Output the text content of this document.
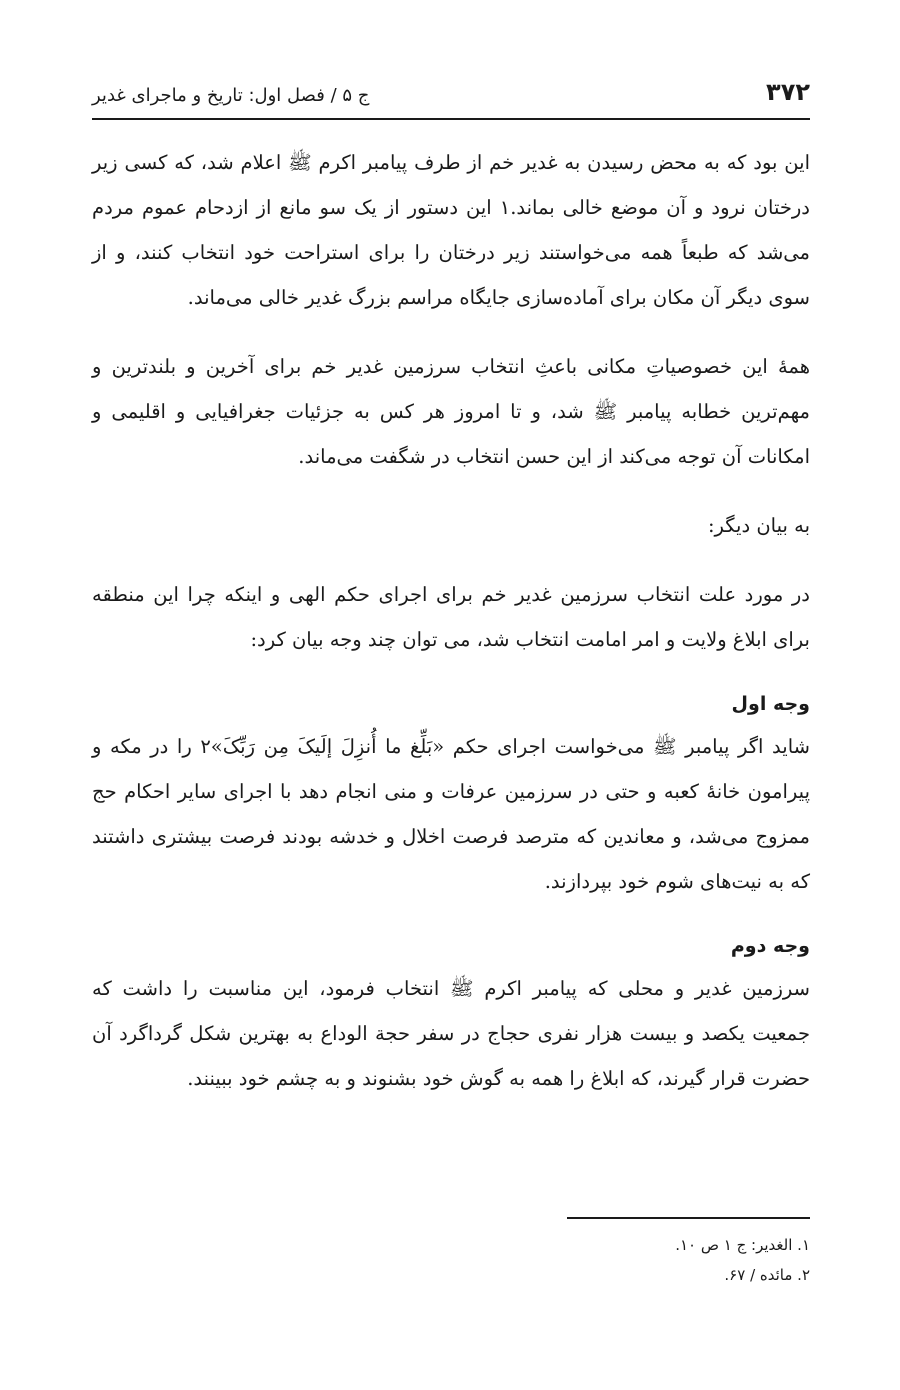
۳۷۲
ج ۵ / فصل اول: تاریخ و ماجرای غدیر

این بود که به محض رسیدن به غدیر خم از طرف پیامبر اکرم ﷺ اعلام شد، که کسی زیر درختان نرود و آن موضع خالی بماند.۱ این دستور از یک سو مانع از ازدحام عموم مردم می‌شد که طبعاً همه می‌خواستند زیر درختان را برای استراحت خود انتخاب کنند، و از سوی دیگر آن مکان برای آماده‌سازی جایگاه مراسم بزرگ غدیر خالی می‌ماند.

همهٔ این خصوصیاتِ مکانی باعثِ انتخاب سرزمین غدیر خم برای آخرین و بلندترین و مهم‌ترین خطابه پیامبر ﷺ شد، و تا امروز هر کس به جزئیات جغرافیایی و اقلیمی و امکانات آن توجه می‌کند از این حسن انتخاب در شگفت می‌ماند.

به بیان دیگر:

در مورد علت انتخاب سرزمین غدیر خم برای اجرای حکم الهی و اینکه چرا این منطقه برای ابلاغ ولایت و امر امامت انتخاب شد، می توان چند وجه بیان کرد:

وجه اول

شاید اگر پیامبر ﷺ می‌خواست اجرای حکم «بَلِّغ ما أُنزِلَ إلَیکَ مِن رَبِّکَ»۲ را در مکه و پیرامون خانهٔ کعبه و حتی در سرزمین عرفات و منی انجام دهد با اجرای سایر احکام حج ممزوج می‌شد، و معاندین که مترصد فرصت اخلال و خدشه بودند فرصت بیشتری داشتند که به نیت‌های شوم خود بپردازند.

وجه دوم

سرزمین غدیر و محلی که پیامبر اکرم ﷺ انتخاب فرمود، این مناسبت را داشت که جمعیت یکصد و بیست هزار نفری حجاج در سفر حجة الوداع به بهترین شکل گرداگرد آن حضرت قرار گیرند، که ابلاغ را همه به گوش خود بشنوند و به چشم خود ببینند.

۱. الغدیر: ج ۱ ص ۱۰.

۲. مائده / ۶۷.
